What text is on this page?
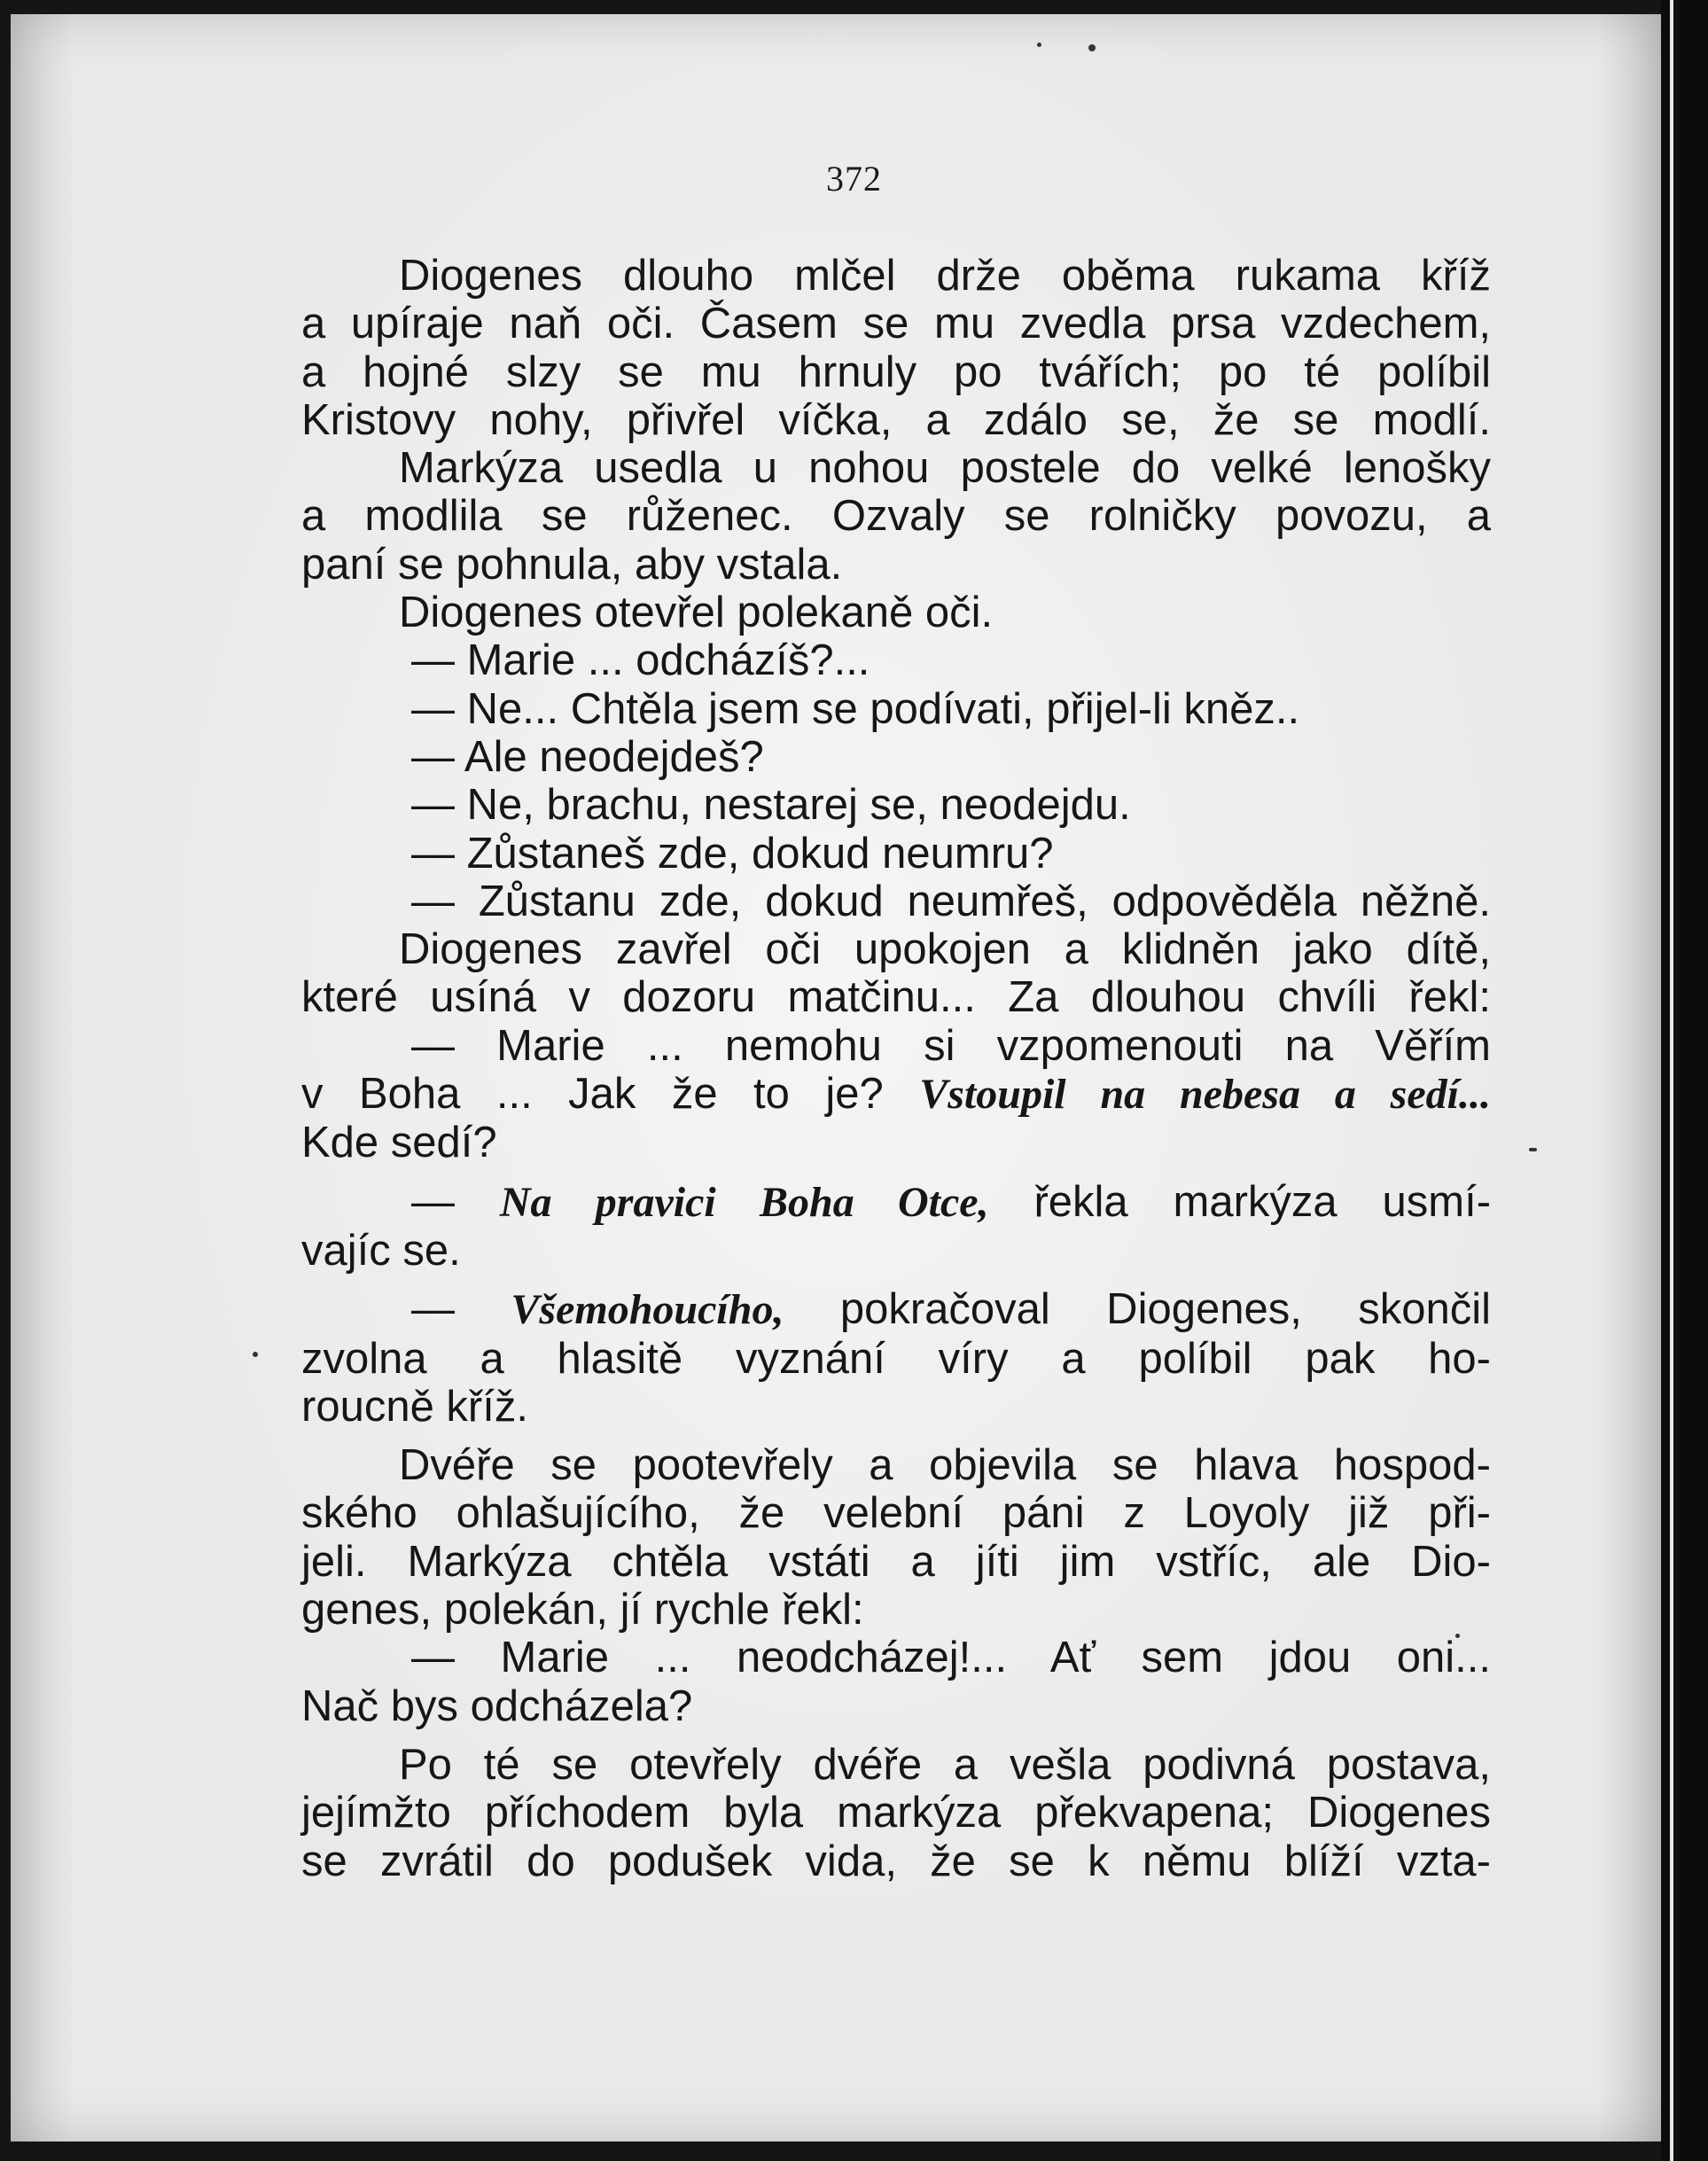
372
Diogenes dlouho mlčel drže oběma rukama kříž
a upíraje naň oči. Časem se mu zvedla prsa vzdechem,
a hojné slzy se mu hrnuly po tvářích; po té políbil
Kristovy nohy, přivřel víčka, a zdálo se, že se modlí.
Markýza usedla u nohou postele do velké lenošky
a modlila se růženec. Ozvaly se rolničky povozu, a
paní se pohnula, aby vstala.
Diogenes otevřel polekaně oči.
— Marie ... odcházíš?...
— Ne... Chtěla jsem se podívati, přijel-li kněz..
— Ale neodejdeš?
— Ne, brachu, nestarej se, neodejdu.
— Zůstaneš zde, dokud neumru?
— Zůstanu zde, dokud neumřeš, odpověděla něžně.
Diogenes zavřel oči upokojen a klidněn jako dítě,
které usíná v dozoru matčinu... Za dlouhou chvíli řekl:
— Marie ... nemohu si vzpomenouti na Věřím
v Boha ... Jak že to je? Vstoupil na nebesa a sedí...
Kde sedí?
— Na pravici Boha Otce, řekla markýza usmí-
vajíc se.
— Všemohoucího, pokračoval Diogenes, skončil
zvolna a hlasitě vyznání víry a políbil pak ho-
roucně kříž.
Dvéře se pootevřely a objevila se hlava hospod-
ského ohlašujícího, že velební páni z Loyoly již při-
jeli. Markýza chtěla vstáti a jíti jim vstříc, ale Dio-
genes, polekán, jí rychle řekl:
— Marie ... neodcházej!... Ať sem jdou oni...
Nač bys odcházela?
Po té se otevřely dvéře a vešla podivná postava,
jejímžto příchodem byla markýza překvapena; Diogenes
se zvrátil do podušek vida, že se k němu blíží vzta-
